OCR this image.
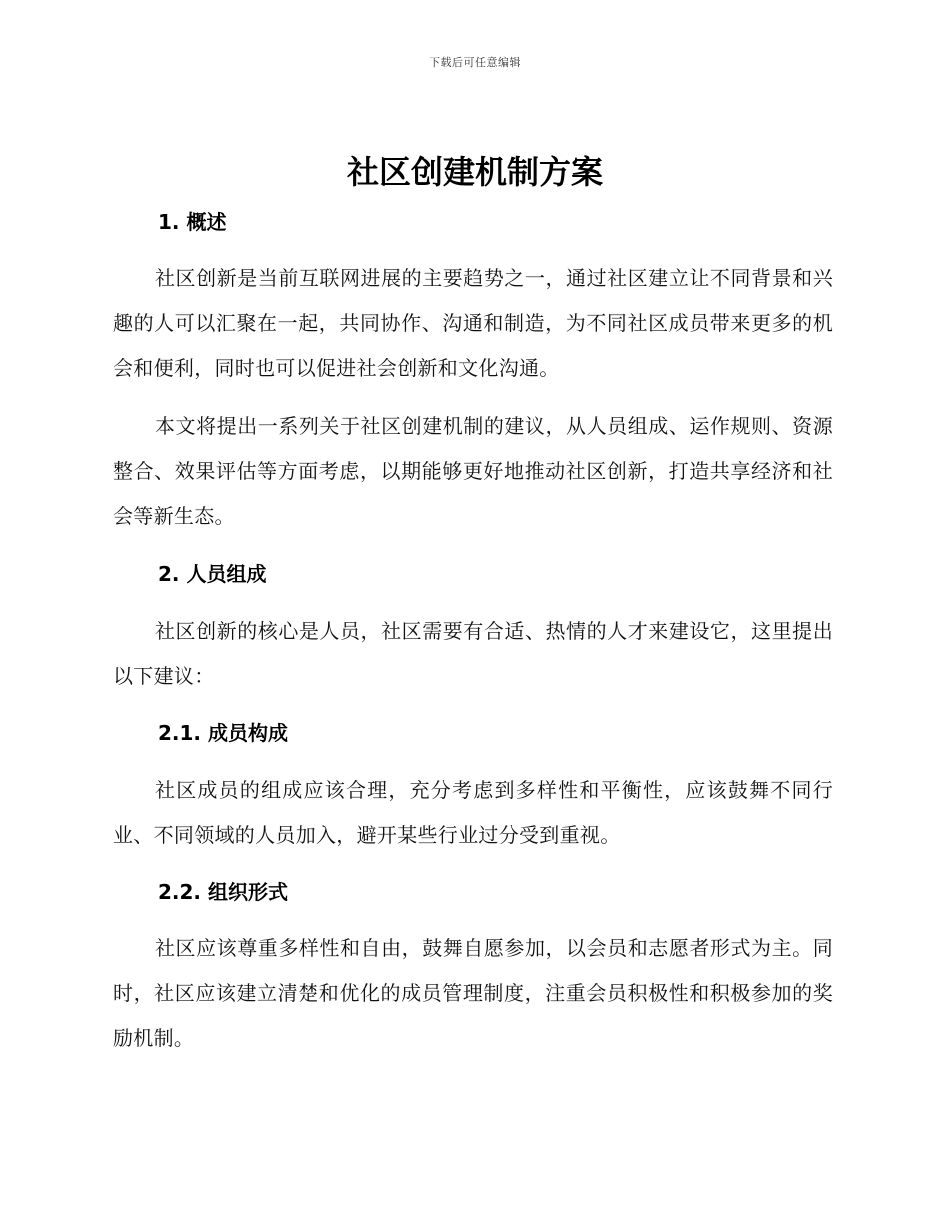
下载后可任意编辑
社区创建机制方案
1. 概述

社区创新是当前互联网进展的主要趋势之一，通过社区建立让不同背景和兴趣的人可以汇聚在一起，共同协作、沟通和制造，为不同社区成员带来更多的机会和便利，同时也可以促进社会创新和文化沟通。

本文将提出一系列关于社区创建机制的建议，从人员组成、运作规则、资源整合、效果评估等方面考虑，以期能够更好地推动社区创新，打造共享经济和社会等新生态。

2. 人员组成

社区创新的核心是人员，社区需要有合适、热情的人才来建设它，这里提出以下建议：

2.1. 成员构成

社区成员的组成应该合理，充分考虑到多样性和平衡性，应该鼓舞不同行业、不同领域的人员加入，避开某些行业过分受到重视。

2.2. 组织形式

社区应该尊重多样性和自由，鼓舞自愿参加，以会员和志愿者形式为主。同时，社区应该建立清楚和优化的成员管理制度，注重会员积极性和积极参加的奖励机制。
